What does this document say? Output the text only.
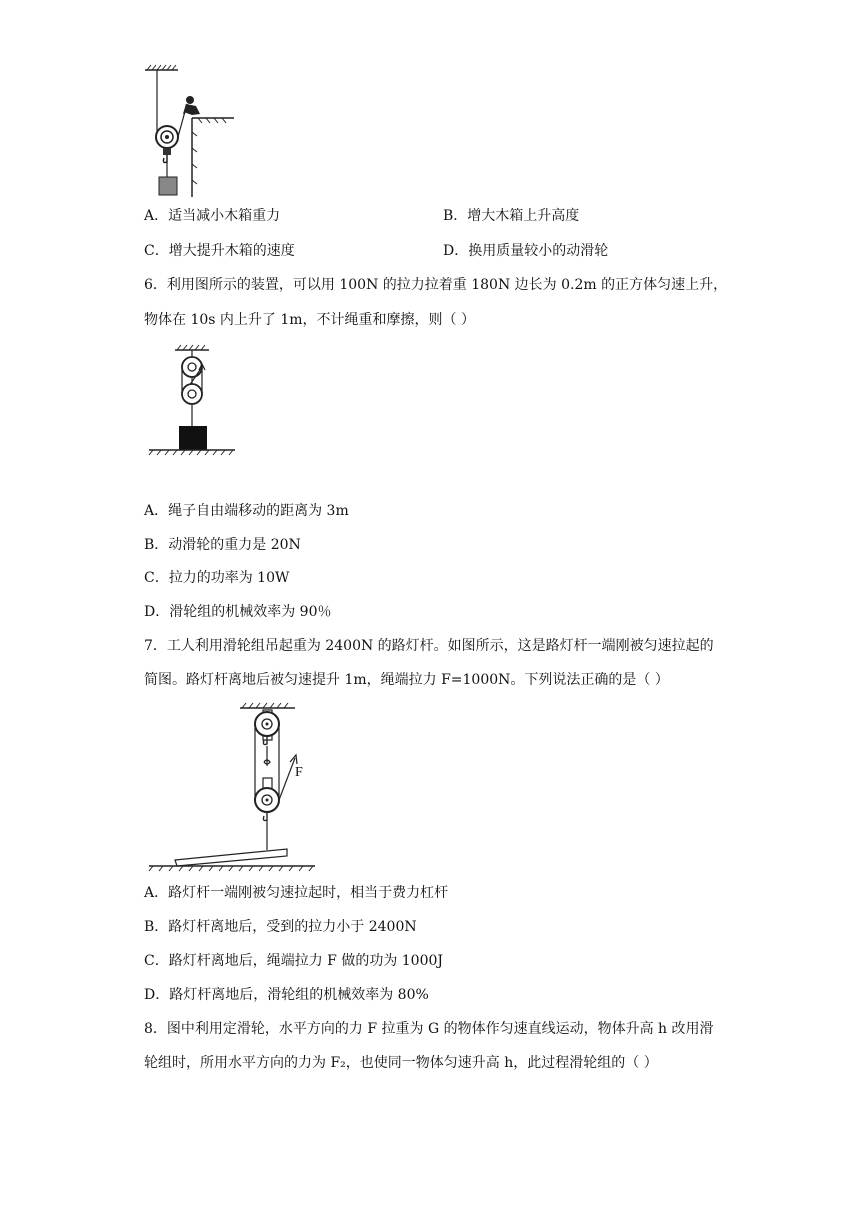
A．适当减小木箱重力	B．增大木箱上升高度
C．增大提升木箱的速度	D．换用质量较小的动滑轮
6．利用图所示的装置，可以用 100N 的拉力拉着重 180N 边长为 0.2m 的正方体匀速上升，
物体在 10s 内上升了 1m，不计绳重和摩擦，则（ ）
A．绳子自由端移动的距离为 3m
B．动滑轮的重力是 20N
C．拉力的功率为 10W
D．滑轮组的机械效率为 90％
7．工人利用滑轮组吊起重为 2400N 的路灯杆。如图所示，这是路灯杆一端刚被匀速拉起的
简图。路灯杆离地后被匀速提升 1m，绳端拉力 F=1000N。下列说法正确的是（ ）
F
A．路灯杆一端刚被匀速拉起时，相当于费力杠杆
B．路灯杆离地后，受到的拉力小于 2400N
C．路灯杆离地后，绳端拉力 F 做的功为 1000J
D．路灯杆离地后，滑轮组的机械效率为 80%
8．图中利用定滑轮，水平方向的力 F 拉重为 G 的物体作匀速直线运动，物体升高 h 改用滑
轮组时，所用水平方向的力为 F₂，也使同一物体匀速升高 h，此过程滑轮组的（ ）
